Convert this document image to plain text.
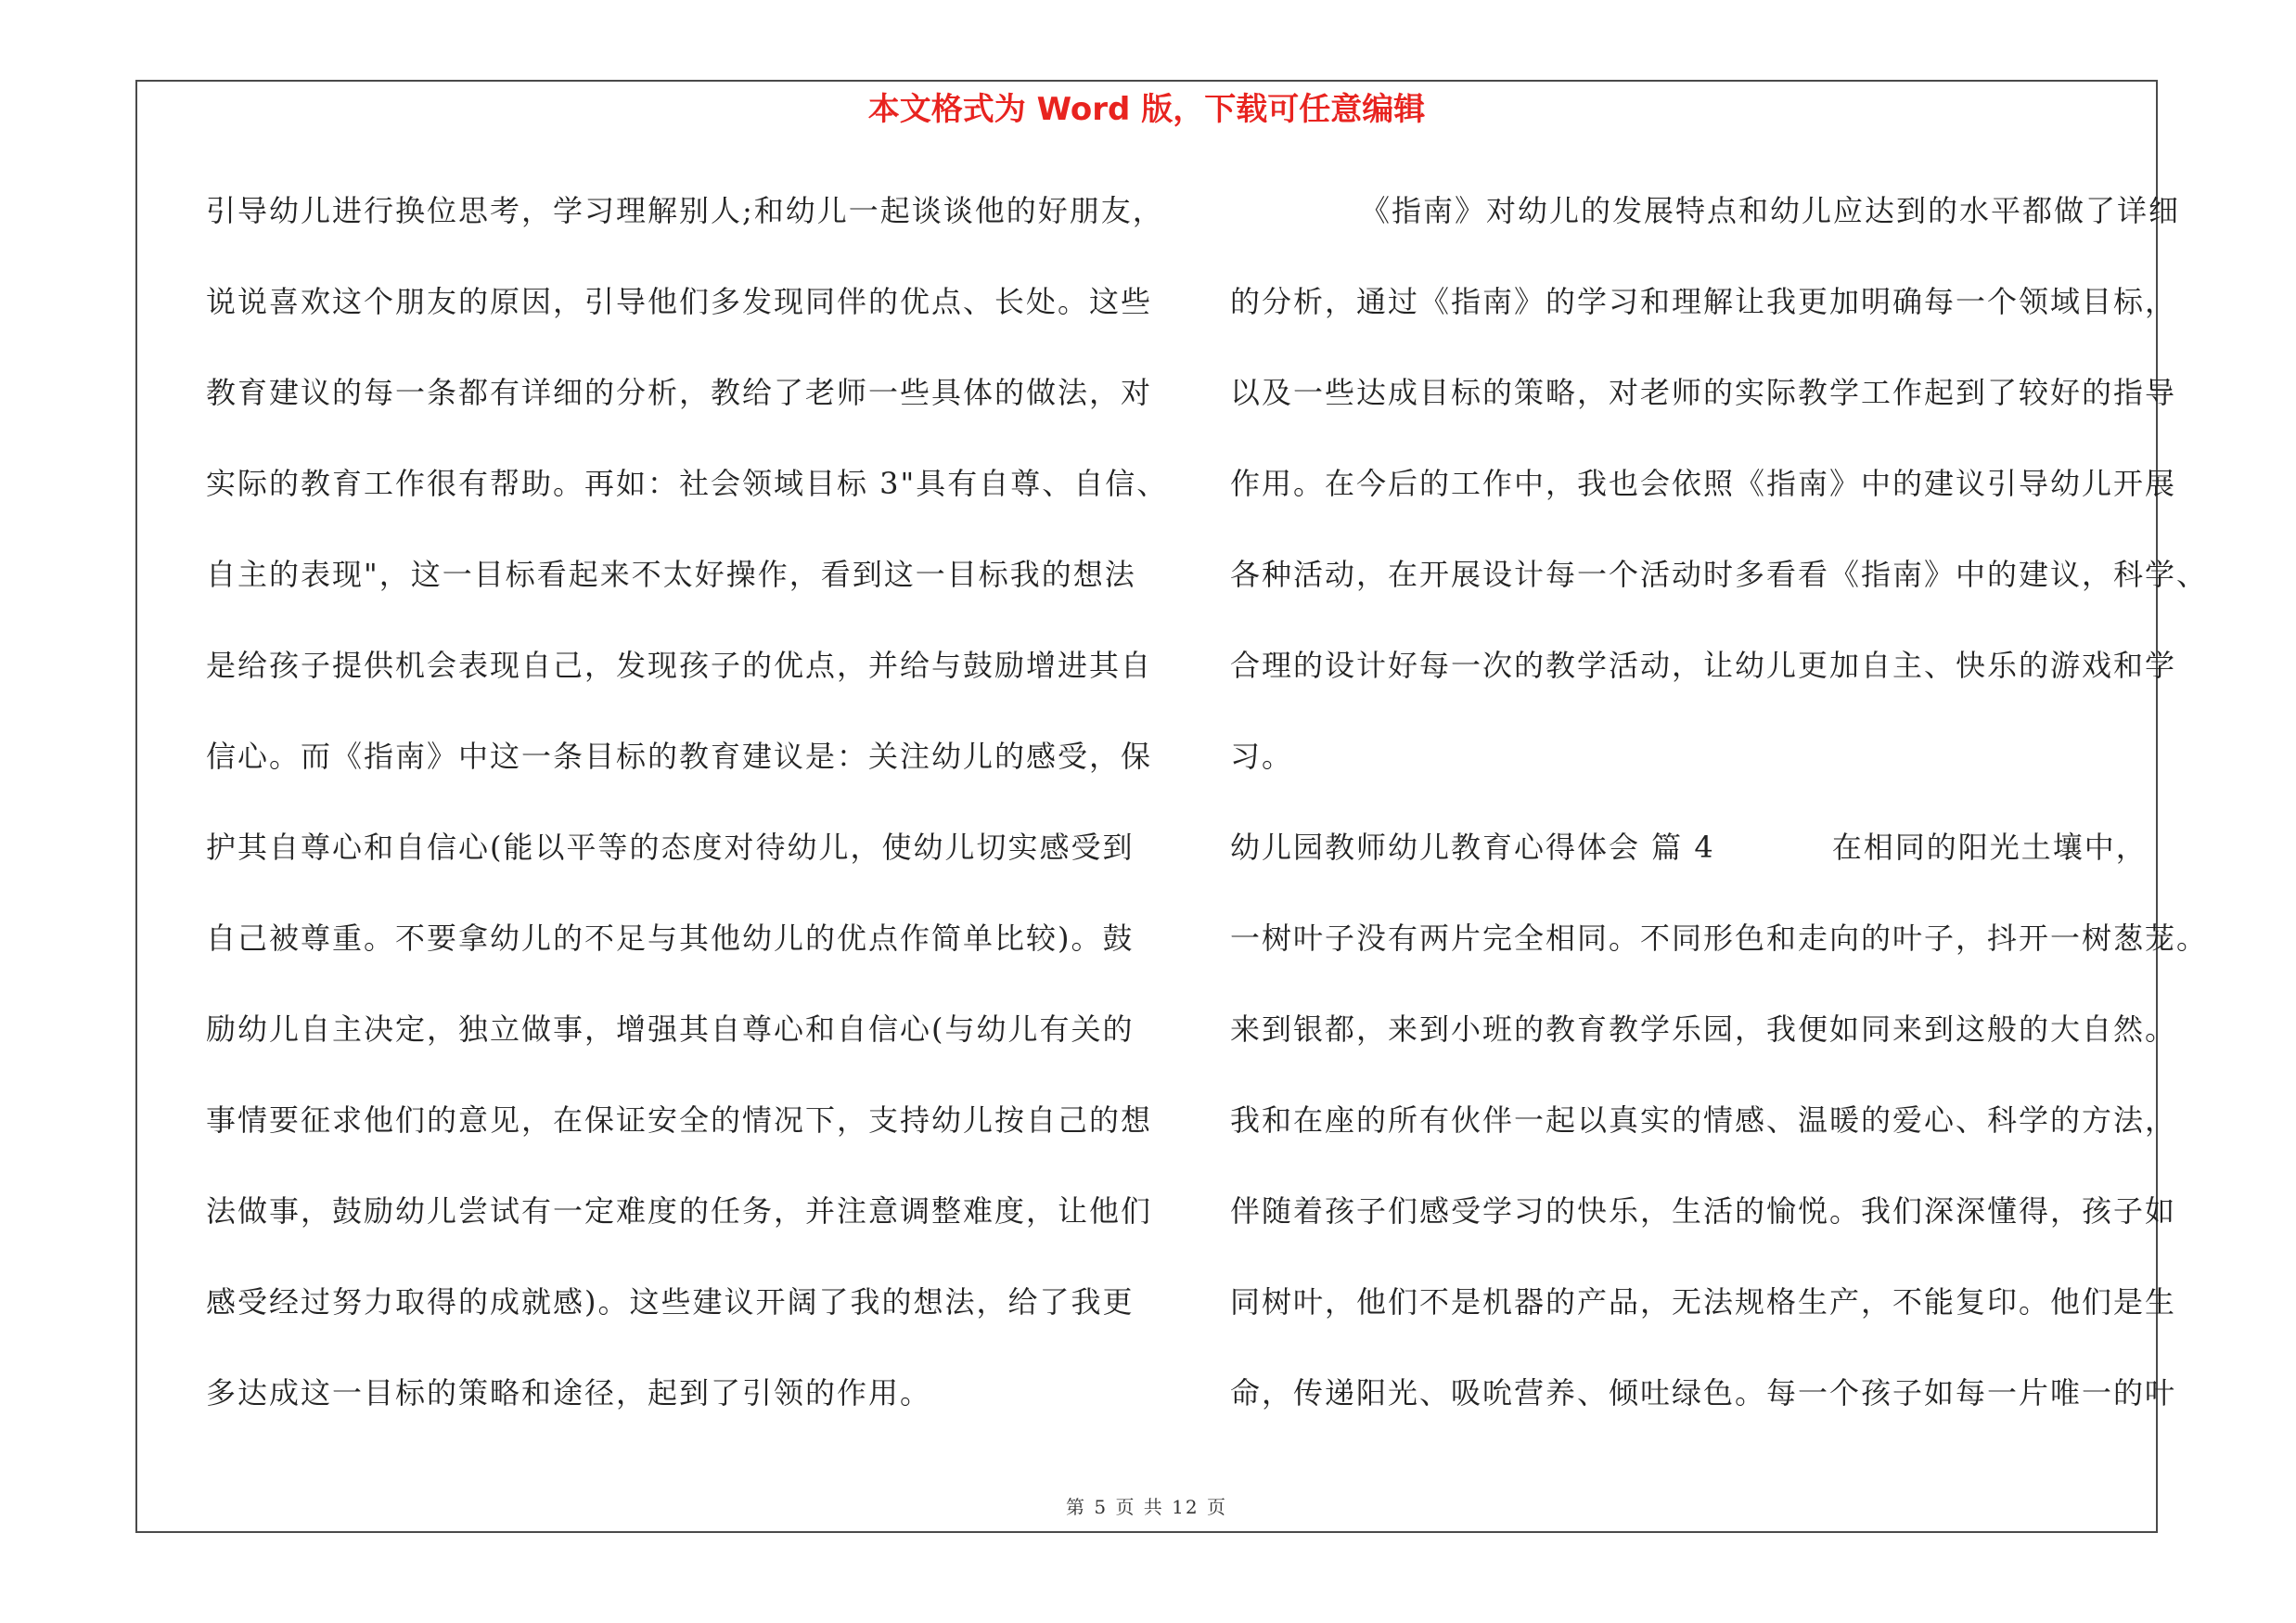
本文格式为 Word 版，下载可任意编辑
引导幼儿进行换位思考，学习理解别人;和幼儿一起谈谈他的好朋友，
说说喜欢这个朋友的原因，引导他们多发现同伴的优点、长处。这些
教育建议的每一条都有详细的分析，教给了老师一些具体的做法，对
实际的教育工作很有帮助。再如：社会领域目标 3"具有自尊、自信、
自主的表现"，这一目标看起来不太好操作，看到这一目标我的想法
是给孩子提供机会表现自己，发现孩子的优点，并给与鼓励增进其自
信心。而《指南》中这一条目标的教育建议是：关注幼儿的感受，保
护其自尊心和自信心(能以平等的态度对待幼儿，使幼儿切实感受到
自己被尊重。不要拿幼儿的不足与其他幼儿的优点作简单比较)。鼓
励幼儿自主决定，独立做事，增强其自尊心和自信心(与幼儿有关的
事情要征求他们的意见，在保证安全的情况下，支持幼儿按自己的想
法做事，鼓励幼儿尝试有一定难度的任务，并注意调整难度，让他们
感受经过努力取得的成就感)。这些建议开阔了我的想法，给了我更
多达成这一目标的策略和途径，起到了引领的作用。
《指南》对幼儿的发展特点和幼儿应达到的水平都做了详细
的分析，通过《指南》的学习和理解让我更加明确每一个领域目标，
以及一些达成目标的策略，对老师的实际教学工作起到了较好的指导
作用。在今后的工作中，我也会依照《指南》中的建议引导幼儿开展
各种活动，在开展设计每一个活动时多看看《指南》中的建议，科学、
合理的设计好每一次的教学活动，让幼儿更加自主、快乐的游戏和学
习。
幼儿园教师幼儿教育心得体会 篇 4	在相同的阳光土壤中，
一树叶子没有两片完全相同。不同形色和走向的叶子，抖开一树葱茏。
来到银都，来到小班的教育教学乐园，我便如同来到这般的大自然。
我和在座的所有伙伴一起以真实的情感、温暖的爱心、科学的方法，
伴随着孩子们感受学习的快乐，生活的愉悦。我们深深懂得，孩子如
同树叶，他们不是机器的产品，无法规格生产，不能复印。他们是生
命，传递阳光、吸吮营养、倾吐绿色。每一个孩子如每一片唯一的叶
第 5 页 共 12 页
